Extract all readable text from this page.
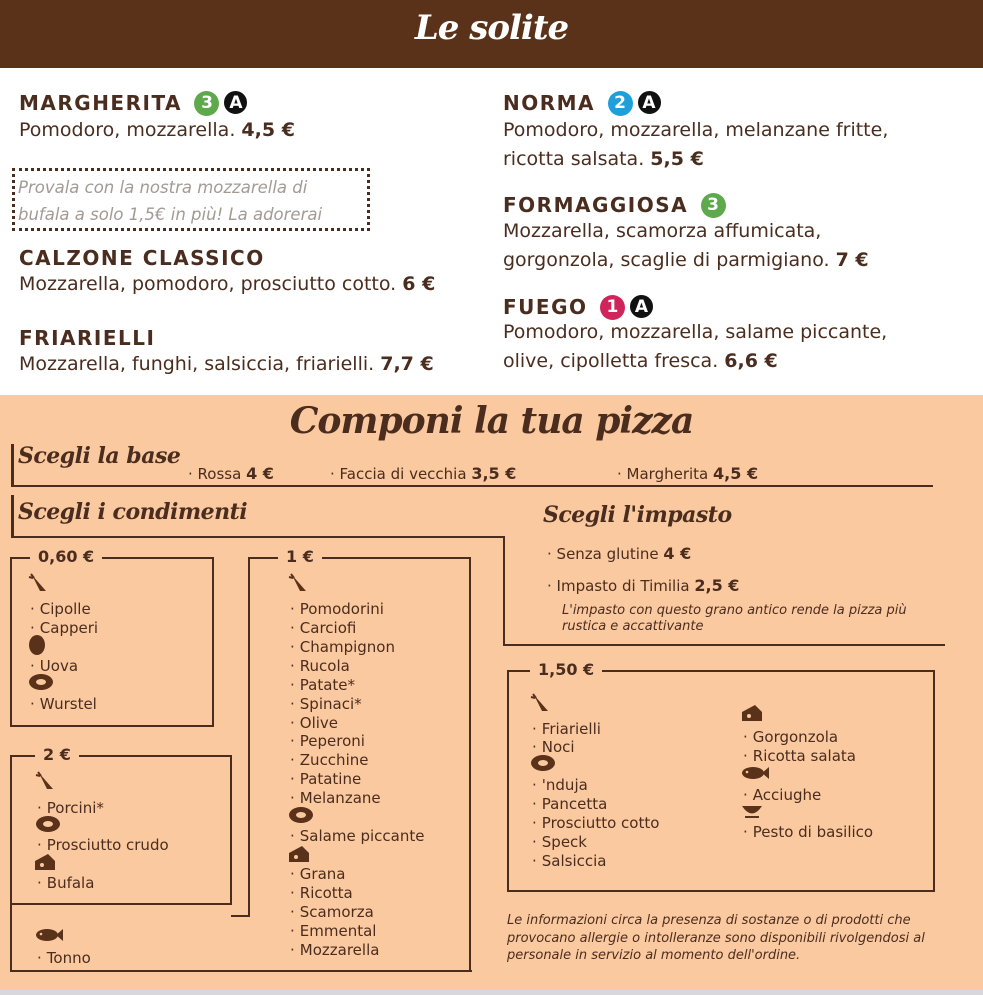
Le solite
MARGHERITA 3 A
Pomodoro, mozzarella. 4,5 €
Provala con la nostra mozzarella di
bufala a solo 1,5€ in più! La adorerai
CALZONE CLASSICO
Mozzarella, pomodoro, prosciutto cotto. 6 €
FRIARIELLI
Mozzarella, funghi, salsiccia, friarielli. 7,7 €
NORMA 2 A
Pomodoro, mozzarella, melanzane fritte,
ricotta salsata. 5,5 €
FORMAGGIOSA 3
Mozzarella, scamorza affumicata,
gorgonzola, scaglie di parmigiano. 7 €
FUEGO 1 A
Pomodoro, mozzarella, salame piccante,
olive, cipolletta fresca. 6,6 €
Componi la tua pizza
Scegli la base
· Rossa 4 €	· Faccia di vecchia 3,5 €	· Margherita 4,5 €
Scegli i condimenti	Scegli l'impasto
· Senza glutine 4 €
· Impasto di Timilia 2,5 €
L'impasto con questo grano antico rende la pizza più rustica e accattivante
0,60 €
· Cipolle
· Capperi
· Uova
· Wurstel
2 €
· Porcini*
· Prosciutto crudo
· Bufala
· Tonno
1 €
· Pomodorini
· Carciofi
· Champignon
· Rucola
· Patate*
· Spinaci*
· Olive
· Peperoni
· Zucchine
· Patatine
· Melanzane
· Salame piccante
· Grana
· Ricotta
· Scamorza
· Emmental
· Mozzarella
1,50 €
· Friarielli
· Noci
· 'nduja
· Pancetta
· Prosciutto cotto
· Speck
· Salsiccia
· Gorgonzola
· Ricotta salata
· Acciughe
· Pesto di basilico
Le informazioni circa la presenza di sostanze o di prodotti che provocano allergie o intolleranze sono disponibili rivolgendosi al personale in servizio al momento dell'ordine.
